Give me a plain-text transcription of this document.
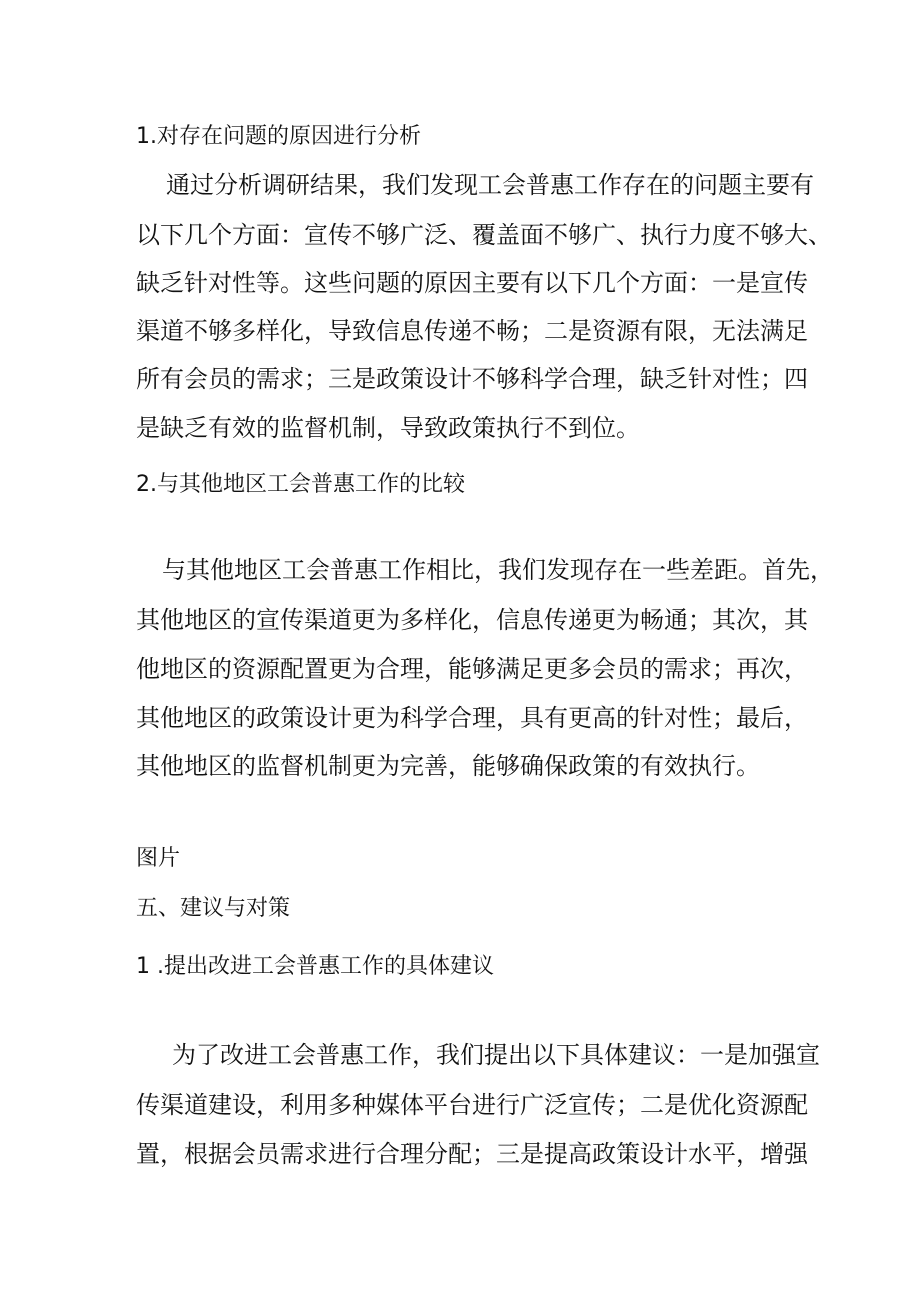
1.对存在问题的原因进行分析
通过分析调研结果，我们发现工会普惠工作存在的问题主要有
以下几个方面：宣传不够广泛、覆盖面不够广、执行力度不够大、
缺乏针对性等。这些问题的原因主要有以下几个方面：一是宣传
渠道不够多样化，导致信息传递不畅；二是资源有限，无法满足
所有会员的需求；三是政策设计不够科学合理，缺乏针对性；四
是缺乏有效的监督机制，导致政策执行不到位。
2.与其他地区工会普惠工作的比较
与其他地区工会普惠工作相比，我们发现存在一些差距。首先，
其他地区的宣传渠道更为多样化，信息传递更为畅通；其次，其
他地区的资源配置更为合理，能够满足更多会员的需求；再次，
其他地区的政策设计更为科学合理，具有更高的针对性；最后，
其他地区的监督机制更为完善，能够确保政策的有效执行。
图片
五、建议与对策
1 .提出改进工会普惠工作的具体建议
为了改进工会普惠工作，我们提出以下具体建议：一是加强宣
传渠道建设，利用多种媒体平台进行广泛宣传；二是优化资源配
置，根据会员需求进行合理分配；三是提高政策设计水平，增强
